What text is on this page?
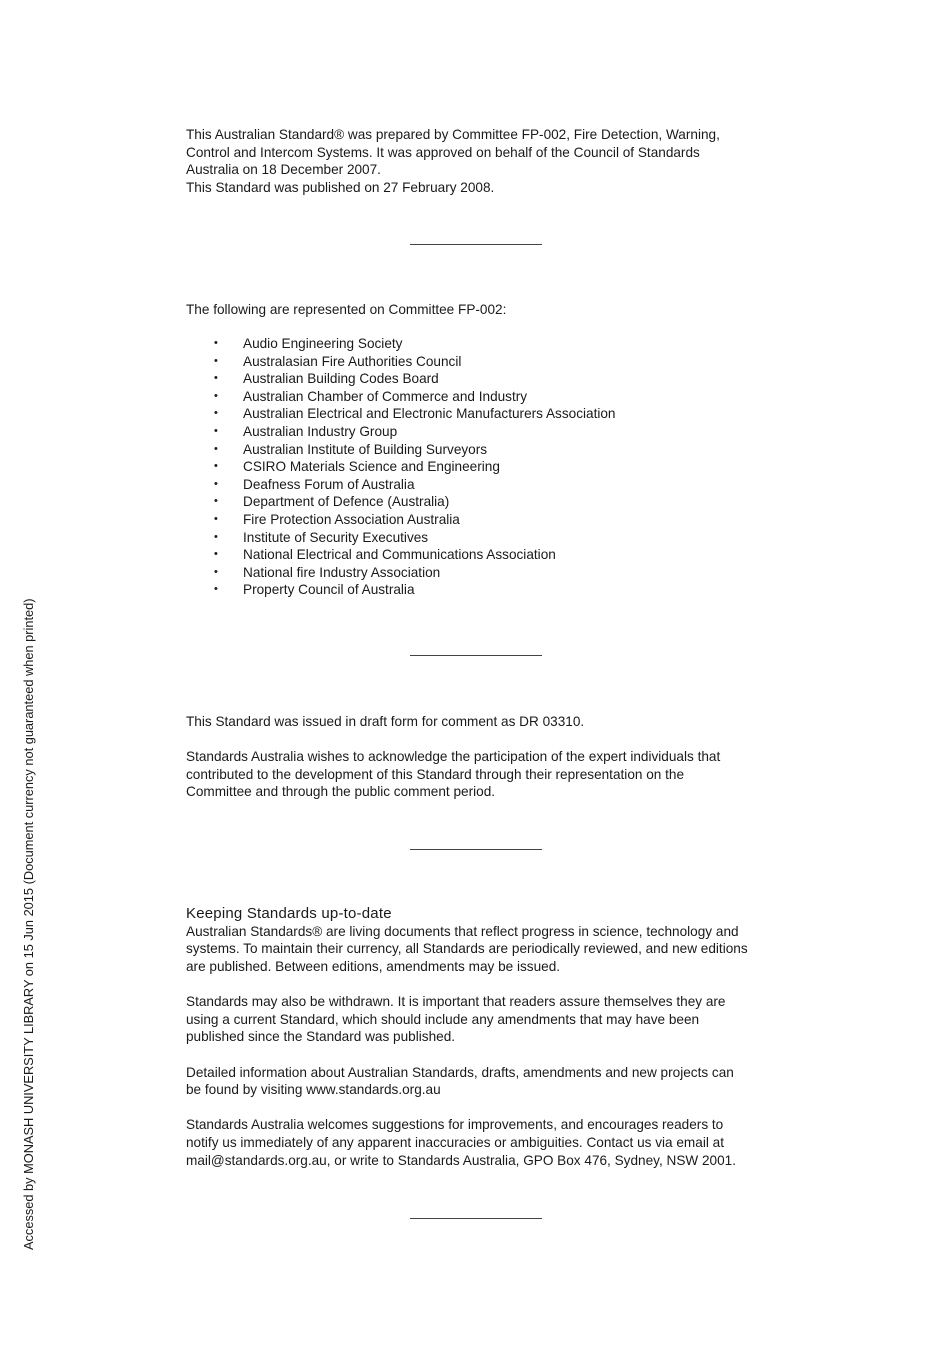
This Australian Standard® was prepared by Committee FP-002, Fire Detection, Warning,

Control and Intercom Systems. It was approved on behalf of the Council of Standards

Australia on 18 December 2007.

This Standard was published on 27 February 2008.

The following are represented on Committee FP-002:

• Audio Engineering Society
• Australasian Fire Authorities Council
• Australian Building Codes Board
• Australian Chamber of Commerce and Industry
• Australian Electrical and Electronic Manufacturers Association
• Australian Industry Group
• Australian Institute of Building Surveyors
• CSIRO Materials Science and Engineering
• Deafness Forum of Australia
• Department of Defence (Australia)
• Fire Protection Association Australia
• Institute of Security Executives
• National Electrical and Communications Association
• National fire Industry Association
• Property Council of Australia

This Standard was issued in draft form for comment as DR 03310.

Standards Australia wishes to acknowledge the participation of the expert individuals that

contributed to the development of this Standard through their representation on the

Committee and through the public comment period.

Keeping Standards up-to-date

Australian Standards® are living documents that reflect progress in science, technology and

systems. To maintain their currency, all Standards are periodically reviewed, and new editions

are published. Between editions, amendments may be issued.

Standards may also be withdrawn. It is important that readers assure themselves they are

using a current Standard, which should include any amendments that may have been

published since the Standard was published.

Detailed information about Australian Standards, drafts, amendments and new projects can

be found by visiting www.standards.org.au

Standards Australia welcomes suggestions for improvements, and encourages readers to

notify us immediately of any apparent inaccuracies or ambiguities. Contact us via email at

mail@standards.org.au, or write to Standards Australia, GPO Box 476, Sydney, NSW 2001.

Accessed by MONASH UNIVERSITY LIBRARY on 15 Jun 2015 (Document currency not guaranteed when printed)
